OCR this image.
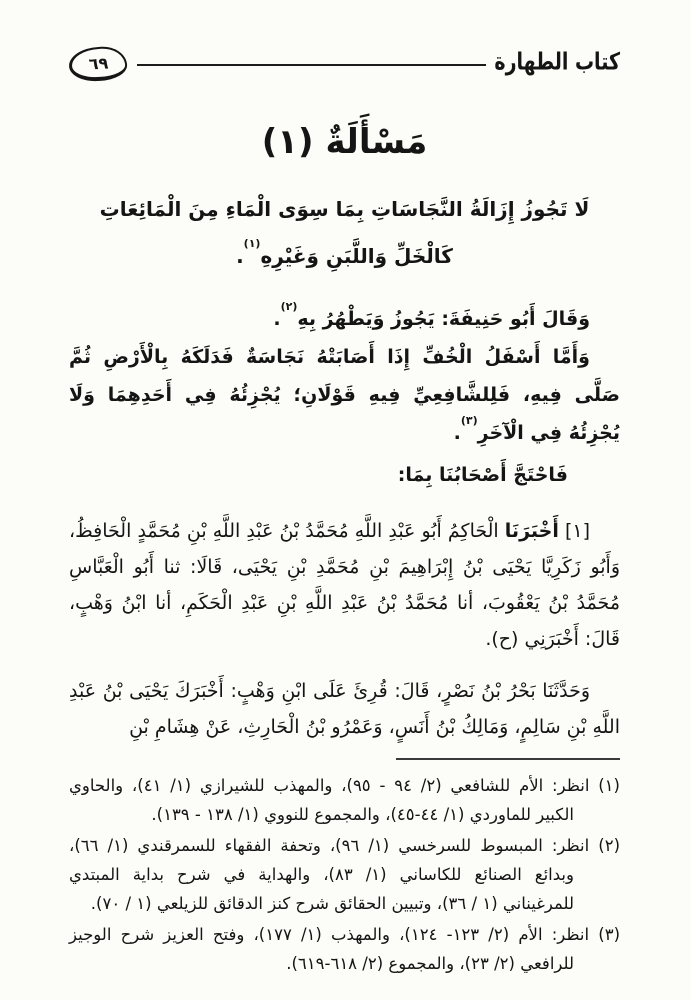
٦٩	كتاب الطهارة
مَسْأَلَةٌ (١)
لَا تَجُوزُ إِزَالَةُ النَّجَاسَاتِ بِمَا سِوَى الْمَاءِ مِنَ الْمَائِعَاتِ
كَالْخَلِّ وَاللَّبَنِ وَغَيْرِهِ$^{(١)}$.

وَقَالَ أَبُو حَنِيفَةَ: يَجُوزُ وَيَطْهُرُ بِهِ$^{(٢)}$.

وَأَمَّا أَسْفَلُ الْخُفِّ إِذَا أَصَابَتْهُ نَجَاسَةٌ فَدَلَكَهُ بِالْأَرْضِ ثُمَّ صَلَّى فِيهِ، فَلِلشَّافِعِيِّ فِيهِ قَوْلَانِ؛ يُجْزِئُهُ فِي أَحَدِهِمَا وَلَا يُجْزِئُهُ فِي الْآخَرِ$^{(٣)}$.

فَاحْتَجَّ أَصْحَابُنَا بِمَا:

[١] أَخْبَرَنَا الْحَاكِمُ أَبُو عَبْدِ اللَّهِ مُحَمَّدُ بْنُ عَبْدِ اللَّهِ بْنِ مُحَمَّدٍ الْحَافِظُ، وَأَبُو زَكَرِيَّا يَحْيَى بْنُ إِبْرَاهِيمَ بْنِ مُحَمَّدِ بْنِ يَحْيَى، قَالَا: ثنا أَبُو الْعَبَّاسِ مُحَمَّدُ بْنُ يَعْقُوبَ، أنا مُحَمَّدُ بْنُ عَبْدِ اللَّهِ بْنِ عَبْدِ الْحَكَمِ، أنا ابْنُ وَهْبٍ، قَالَ: أَخْبَرَنِي (ح).

وَحَدَّثَنَا بَحْرُ بْنُ نَصْرٍ، قَالَ: قُرِئَ عَلَى ابْنِ وَهْبٍ: أَخْبَرَكَ يَحْيَى بْنُ عَبْدِ اللَّهِ بْنِ سَالِمٍ، وَمَالِكُ بْنُ أَنَسٍ، وَعَمْرُو بْنُ الْحَارِثِ، عَنْ هِشَامِ بْنِ

(١) انظر: الأم للشافعي (٢/ ٩٤ - ٩٥)، والمهذب للشيرازي (١/ ٤١)، والحاوي الكبير للماوردي (١/ ٤٤-٤٥)، والمجموع للنووي (١/ ١٣٨ - ١٣٩).

(٢) انظر: المبسوط للسرخسي (١/ ٩٦)، وتحفة الفقهاء للسمرقندي (١/ ٦٦)، وبدائع الصنائع للكاساني (١/ ٨٣)، والهداية في شرح بداية المبتدي للمرغيناني (١ / ٣٦)، وتبيين الحقائق شرح كنز الدقائق للزيلعي (١ / ٧٠).

(٣) انظر: الأم (٢/ ١٢٣- ١٢٤)، والمهذب (١/ ١٧٧)، وفتح العزيز شرح الوجيز للرافعي (٢/ ٢٣)، والمجموع (٢/ ٦١٨-٦١٩).
